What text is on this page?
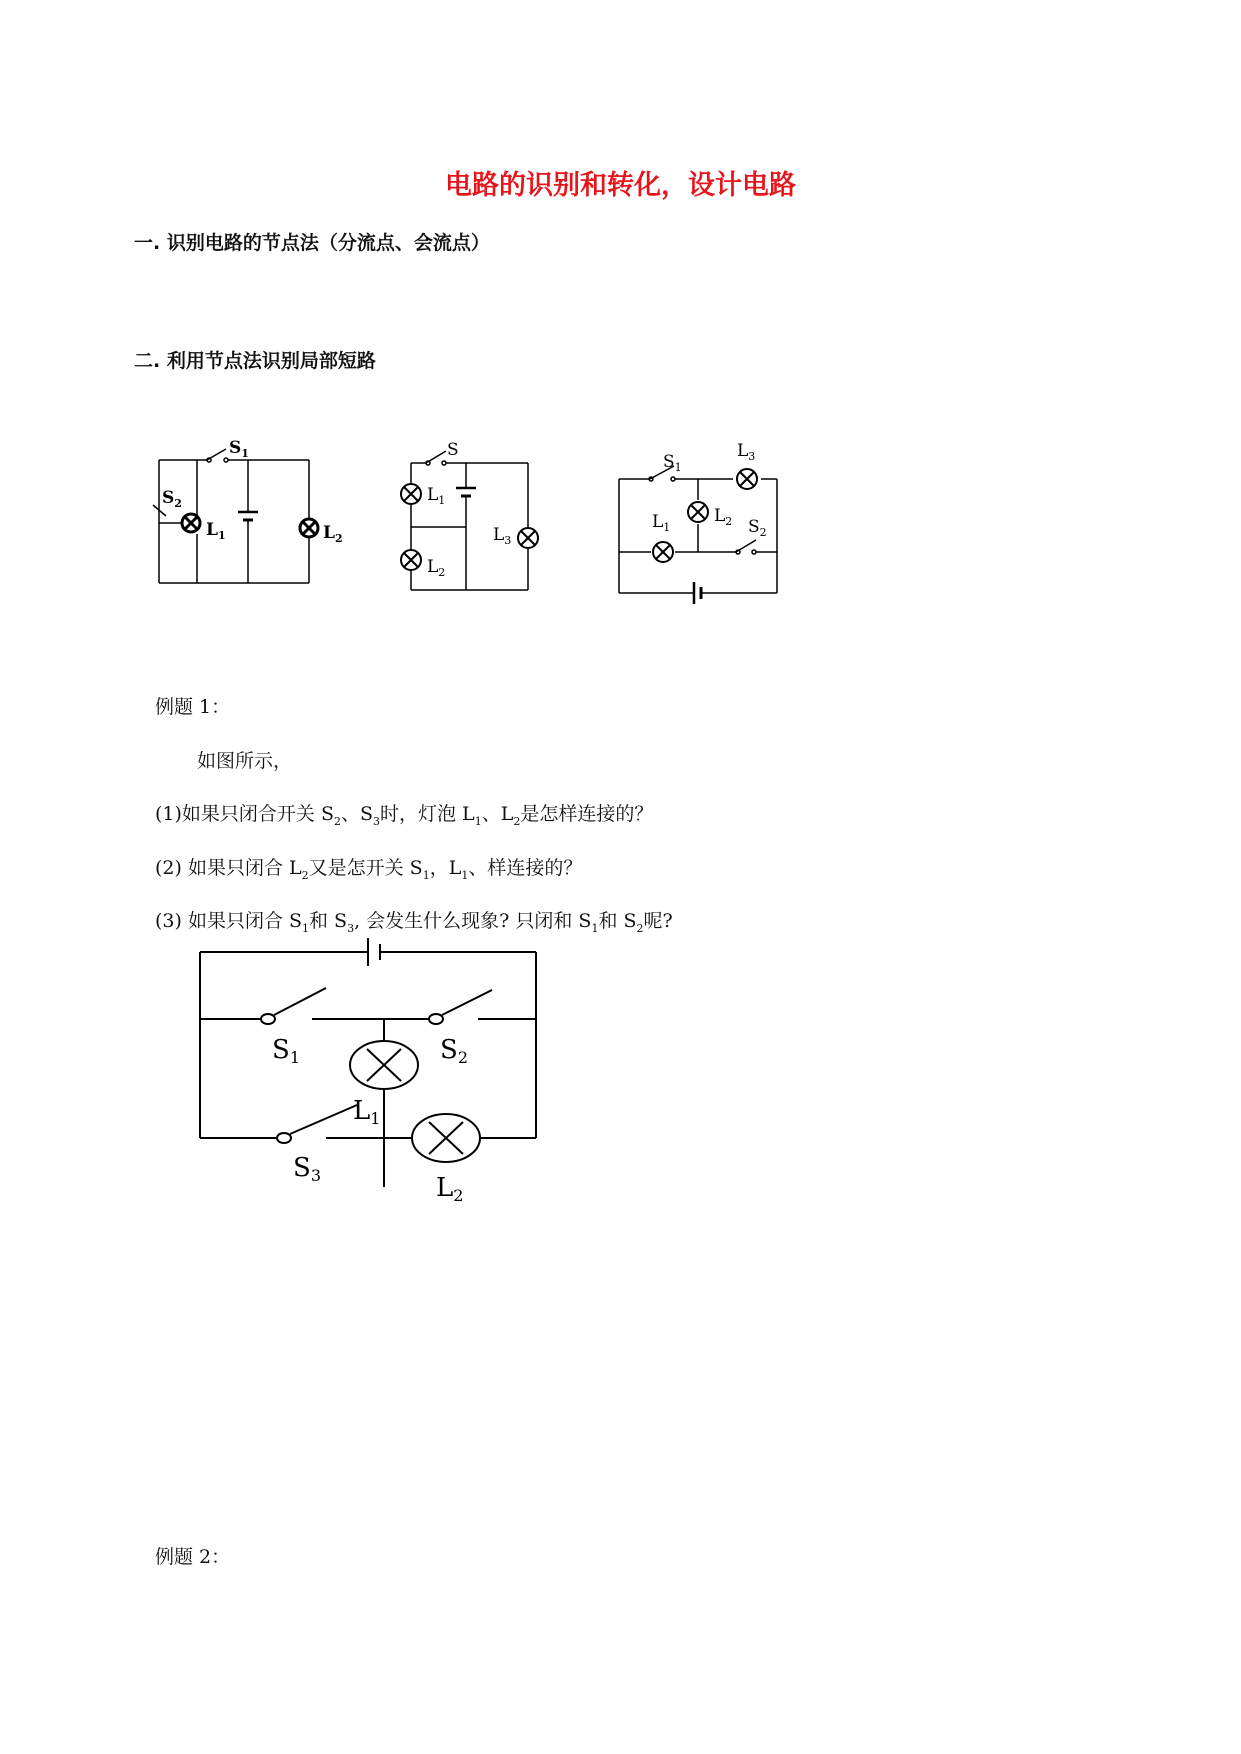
电路的识别和转化，设计电路
一. 识别电路的节点法（分流点、会流点）
二. 利用节点法识别局部短路
$S_1$
$S_2$
$L_1$	$L_2$
S
$L_1$
$L_2$
$L_3$
$S_1$
$L_3$
$L_2$
$L_1$	$S_2$
S1	S2
L1
S3	L2
例题 1：
如图所示，
(1)如果只闭合开关 $S_2$、$S_3$时，灯泡 $L_1$、$L_2$是怎样连接的？
(2) 如果只闭合 $L_2$又是怎开关 $S_1$，$L_1$、样连接的？
(3) 如果只闭合 $S_1$和 $S_3$, 会发生什么现象? 只闭和 $S_1$和 $S_2$呢?
例题 2：
